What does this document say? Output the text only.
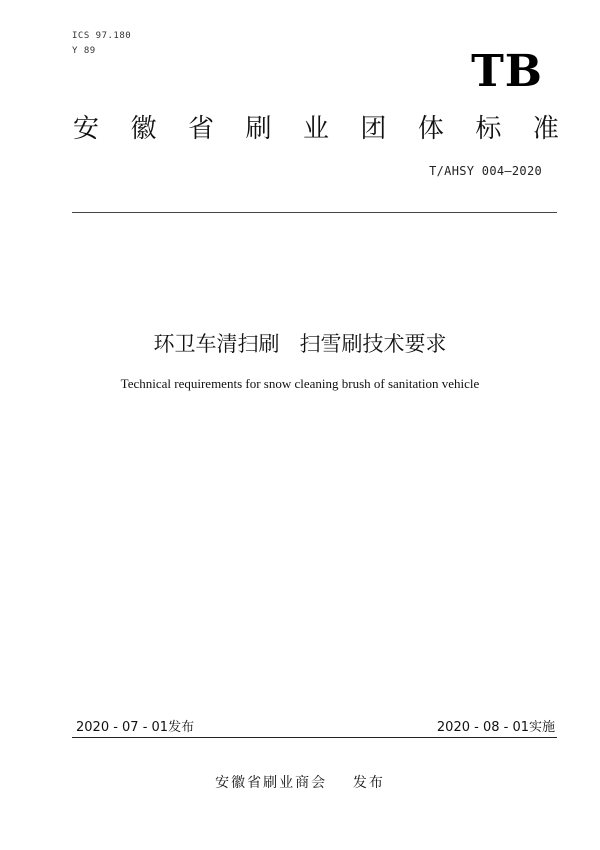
ICS 97.180
Y 89	TB
安 徽 省 刷 业 团 体 标 准
T/AHSY 004—2020
环卫车清扫刷   扫雪刷技术要求
Technical requirements for snow cleaning brush of sanitation vehicle
2020 - 07 - 01发布	2020 - 08 - 01实施
安徽省刷业商会    发布
